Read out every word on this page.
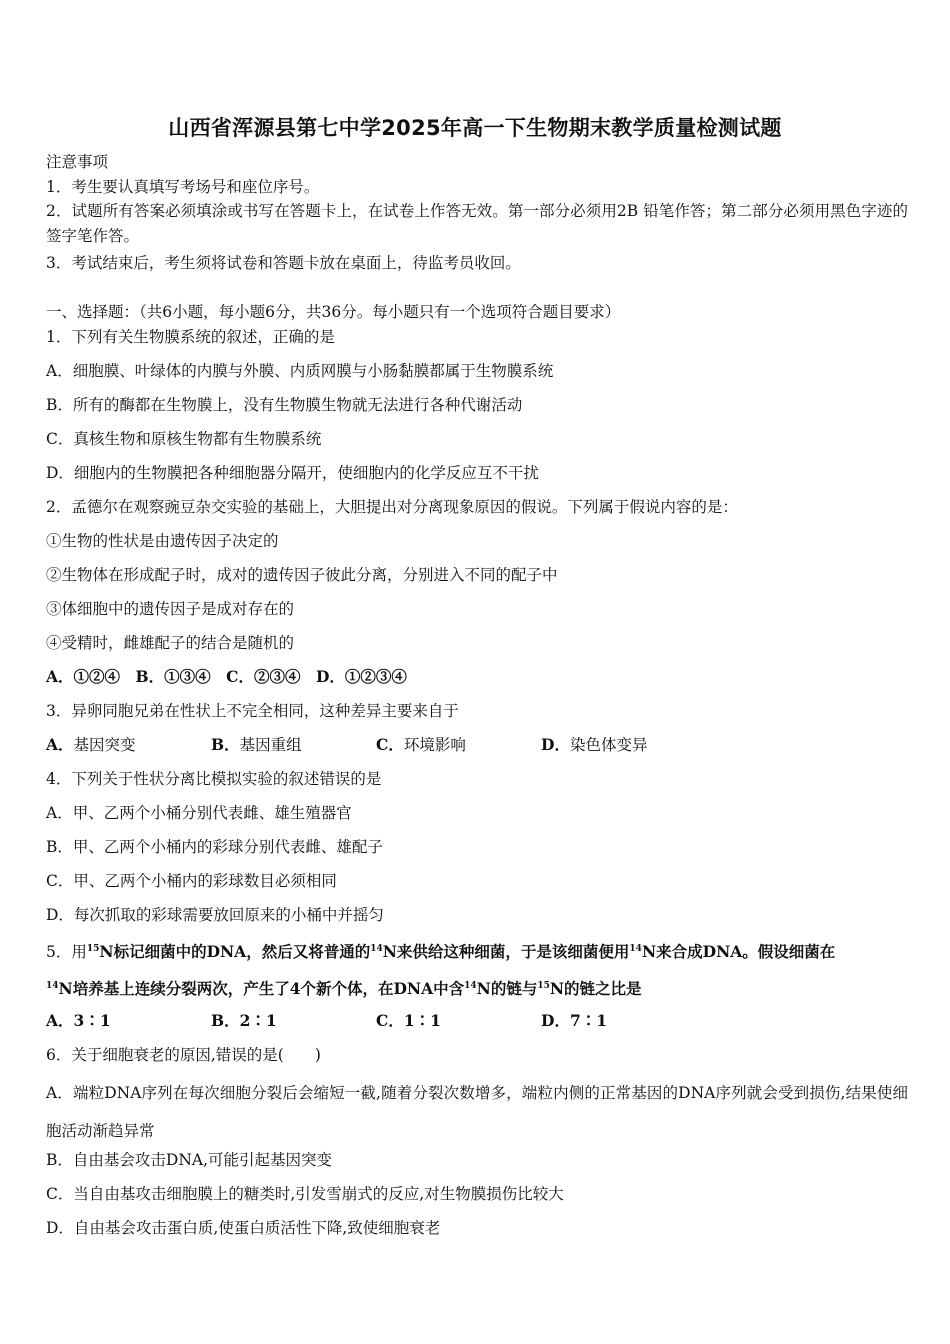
山西省浑源县第七中学2025年高一下生物期末教学质量检测试题
注意事项
1．考生要认真填写考场号和座位序号。
2．试题所有答案必须填涂或书写在答题卡上，在试卷上作答无效。第一部分必须用2B 铅笔作答；第二部分必须用黑色字迹的签字笔作答。
3．考试结束后，考生须将试卷和答题卡放在桌面上，待监考员收回。
一、选择题：（共6小题，每小题6分，共36分。每小题只有一个选项符合题目要求）
1．下列有关生物膜系统的叙述，正确的是
A．细胞膜、叶绿体的内膜与外膜、内质网膜与小肠黏膜都属于生物膜系统
B．所有的酶都在生物膜上，没有生物膜生物就无法进行各种代谢活动
C．真核生物和原核生物都有生物膜系统
D．细胞内的生物膜把各种细胞器分隔开，使细胞内的化学反应互不干扰
2．孟德尔在观察豌豆杂交实验的基础上，大胆提出对分离现象原因的假说。下列属于假说内容的是：
①生物的性状是由遗传因子决定的
②生物体在形成配子时，成对的遗传因子彼此分离，分别进入不同的配子中
③体细胞中的遗传因子是成对存在的
④受精时，雌雄配子的结合是随机的
A．①②④　B．①③④　C．②③④　D．①②③④
3．异卵同胞兄弟在性状上不完全相同，这种差异主要来自于
A．基因突变	B．基因重组	C．环境影响	D．染色体变异
4．下列关于性状分离比模拟实验的叙述错误的是
A．甲、乙两个小桶分别代表雌、雄生殖器官
B．甲、乙两个小桶内的彩球分别代表雌、雄配子
C．甲、乙两个小桶内的彩球数目必须相同
D．每次抓取的彩球需要放回原来的小桶中并摇匀
5．用$^{15}$N标记细菌中的DNA，然后又将普通的$^{14}$N来供给这种细菌，于是该细菌便用$^{14}$N来合成DNA。假设细菌在
$^{14}$N培养基上连续分裂两次，产生了4个新个体，在DNA中含$^{14}$N的链与$^{15}$N的链之比是
A．3∶1	B．2∶1	C．1∶1	D．7∶1
6．关于细胞衰老的原因,错误的是(　　)
A．端粒DNA序列在每次细胞分裂后会缩短一截,随着分裂次数增多，端粒内侧的正常基因的DNA序列就会受到损伤,结果使细胞活动渐趋异常
B．自由基会攻击DNA,可能引起基因突变
C．当自由基攻击细胞膜上的糖类时,引发雪崩式的反应,对生物膜损伤比较大
D．自由基会攻击蛋白质,使蛋白质活性下降,致使细胞衰老
